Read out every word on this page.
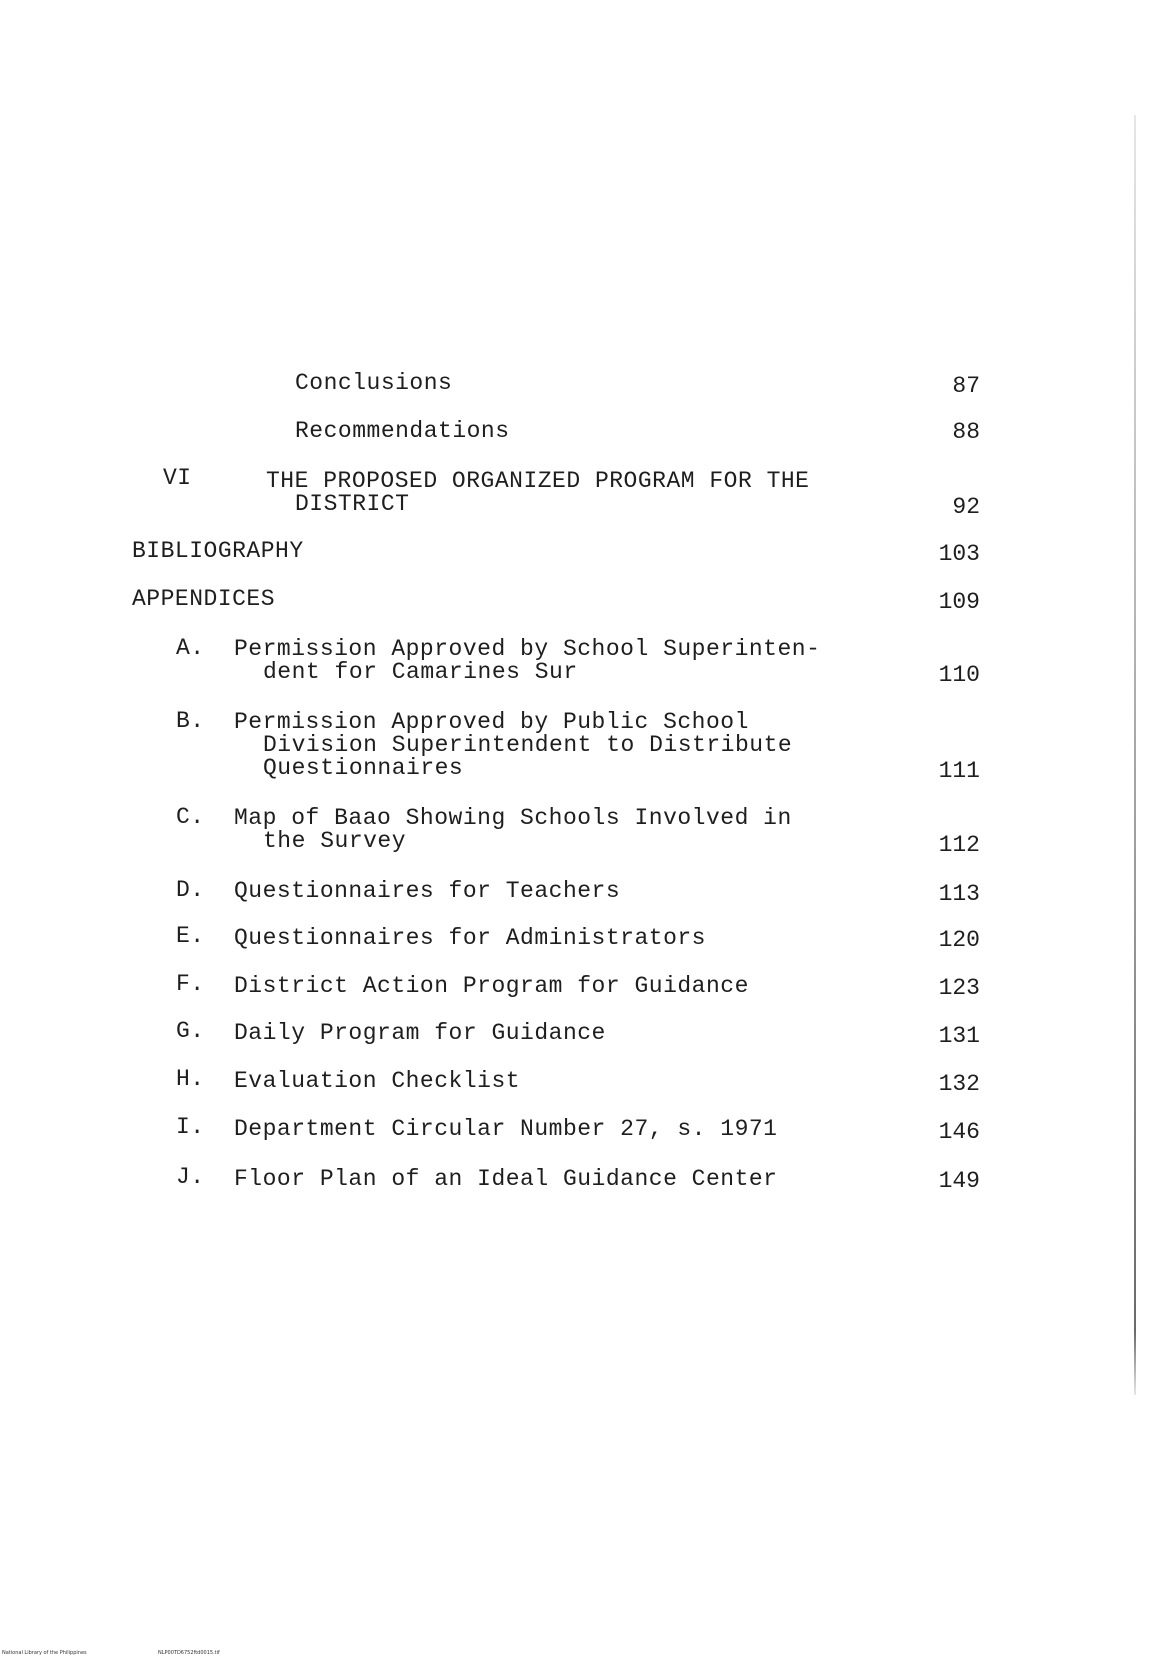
Conclusions	87
Recommendations	88
VI	THE PROPOSED ORGANIZED PROGRAM FOR THE
DISTRICT	92
BIBLIOGRAPHY	103
APPENDICES	109
A. Permission Approved by School Superinten-
dent for Camarines Sur	110
B. Permission Approved by Public School
Division Superintendent to Distribute
Questionnaires	111
C. Map of Baao Showing Schools Involved in
the Survey	112
D. Questionnaires for Teachers	113
E. Questionnaires for Administrators	120
F. District Action Program for Guidance	123
G. Daily Program for Guidance	131
H. Evaluation Checklist	132
I. Department Circular Number 27, s. 1971	146
J. Floor Plan of an Ideal Guidance Center	149
National Library of the Philippines	NLP00TD6752ftd0015.tif
